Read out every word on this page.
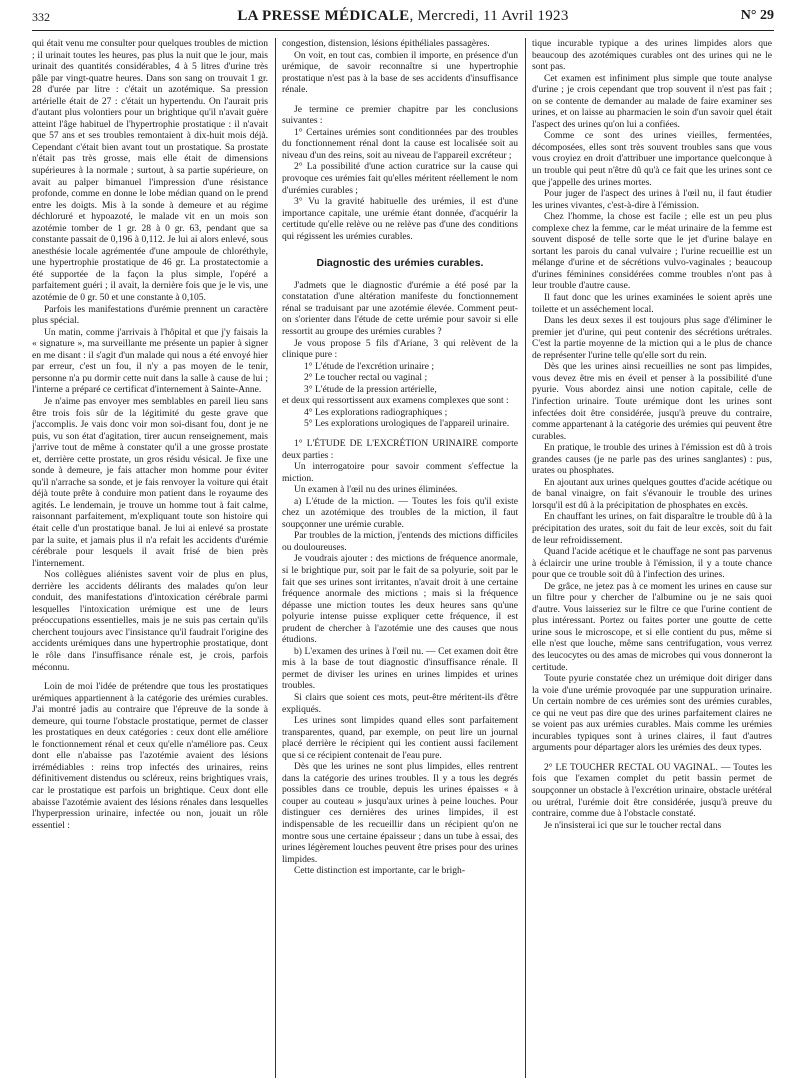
332	LA PRESSE MÉDICALE, Mercredi, 11 Avril 1923	N° 29

qui était venu me consulter pour quelques troubles de miction ; il urinait toutes les heures, pas plus la nuit que le jour, mais urinait des quantités considérables, 4 à 5 litres d'urine très pâle par vingt-quatre heures. Dans son sang on trouvait 1 gr. 28 d'urée par litre : c'était un azotémique. Sa pression artérielle était de 27 : c'était un hypertendu. On l'aurait pris d'autant plus volontiers pour un brightique qu'il n'avait guère atteint l'âge habituel de l'hypertrophie prostatique : il n'avait que 57 ans et ses troubles remontaient à dix-huit mois déjà. Cependant c'était bien avant tout un prostatique. Sa prostate n'était pas très grosse, mais elle était de dimensions supérieures à la normale ; surtout, à sa partie supérieure, on avait au palper bimanuel l'impression d'une résistance profonde, comme en donne le lobe médian quand on le prend entre les doigts. Mis à la sonde à demeure et au régime déchloruré et hypoazoté, le malade vit en un mois son azotémie tomber de 1 gr. 28 à 0 gr. 63, pendant que sa constante passait de 0,196 à 0,112. Je lui ai alors enlevé, sous anesthésie locale agrémentée d'une ampoule de chloréthyle, une hypertrophie prostatique de 46 gr. La prostatectomie a été supportée de la façon la plus simple, l'opéré a parfaitement guéri ; il avait, la dernière fois que je le vis, une azotémie de 0 gr. 50 et une constante à 0,105.

Parfois les manifestations d'urémie prennent un caractère plus spécial.

Un matin, comme j'arrivais à l'hôpital et que j'y faisais la « signature », ma surveillante me présente un papier à signer en me disant : il s'agit d'un malade qui nous a été envoyé hier par erreur, c'est un fou, il n'y a pas moyen de le tenir, personne n'a pu dormir cette nuit dans la salle à cause de lui ; l'interne a préparé ce certificat d'internement à Sainte-Anne.

Je n'aime pas envoyer mes semblables en pareil lieu sans être trois fois sûr de la légitimité du geste grave que j'accomplis. Je vais donc voir mon soi-disant fou, dont je ne puis, vu son état d'agitation, tirer aucun renseignement, mais j'arrive tout de même à constater qu'il a une grosse prostate et, derrière cette prostate, un gros résidu vésical. Je fixe une sonde à demeure, je fais attacher mon homme pour éviter qu'il n'arrache sa sonde, et je fais renvoyer la voiture qui était déjà toute prête à conduire mon patient dans le royaume des agités. Le lendemain, je trouve un homme tout à fait calme, raisonnant parfaitement, m'expliquant toute son histoire qui était celle d'un prostatique banal. Je lui ai enlevé sa prostate par la suite, et jamais plus il n'a refait les accidents d'urémie cérébrale pour lesquels il avait frisé de bien près l'internement.

Nos collègues aliénistes savent voir de plus en plus, derrière les accidents délirants des malades qu'on leur conduit, des manifestations d'intoxication cérébrale parmi lesquelles l'intoxication urémique est une de leurs préoccupations essentielles, mais je ne suis pas certain qu'ils cherchent toujours avec l'insistance qu'il faudrait l'origine des accidents urémiques dans une hypertrophie prostatique, dont le rôle dans l'insuffisance rénale est, je crois, parfois méconnu.

Loin de moi l'idée de prétendre que tous les prostatiques urémiques appartiennent à la catégorie des urémies curables. J'ai montré jadis au contraire que l'épreuve de la sonde à demeure, qui tourne l'obstacle prostatique, permet de classer les prostatiques en deux catégories : ceux dont elle améliore le fonctionnement rénal et ceux qu'elle n'améliore pas. Ceux dont elle n'abaisse pas l'azotémie avaient des lésions irrémédiables : reins trop infectés des urinaires, reins définitivement distendus ou scléreux, reins brightiques vrais, car le prostatique est parfois un brightique. Ceux dont elle abaisse l'azotémie avaient des lésions rénales dans lesquelles l'hyperpression urinaire, infectée ou non, jouait un rôle essentiel :

congestion, distension, lésions épithéliales passagères.

On voit, en tout cas, combien il importe, en présence d'un urémique, de savoir reconnaître si une hypertrophie prostatique n'est pas à la base de ses accidents d'insuffisance rénale.

Je termine ce premier chapitre par les conclusions suivantes :

1° Certaines urémies sont conditionnées par des troubles du fonctionnement rénal dont la cause est localisée soit au niveau d'un des reins, soit au niveau de l'appareil excréteur ;

2° La possibilité d'une action curatrice sur la cause qui provoque ces urémies fait qu'elles méritent réellement le nom d'urémies curables ;

3° Vu la gravité habituelle des urémies, il est d'une importance capitale, une urémie étant donnée, d'acquérir la certitude qu'elle relève ou ne relève pas d'une des conditions qui régissent les urémies curables.

Diagnostic des urémies curables.

J'admets que le diagnostic d'urémie a été posé par la constatation d'une altération manifeste du fonctionnement rénal se traduisant par une azotémie élevée. Comment peut-on s'orienter dans l'étude de cette urémie pour savoir si elle ressortit au groupe des urémies curables ?

Je vous propose 5 fils d'Ariane, 3 qui relèvent de la clinique pure :

1° L'étude de l'excrétion urinaire ;

2° Le toucher rectal ou vaginal ;

3° L'étude de la pression artérielle,

et deux qui ressortissent aux examens complexes que sont :

4° Les explorations radiographiques ;

5° Les explorations urologiques de l'appareil urinaire.

1° L'ÉTUDE DE L'EXCRÉTION URINAIRE comporte deux parties :

Un interrogatoire pour savoir comment s'effectue la miction.

Un examen à l'œil nu des urines éliminées.

a) L'étude de la miction. — Toutes les fois qu'il existe chez un azotémique des troubles de la miction, il faut soupçonner une urémie curable.

Par troubles de la miction, j'entends des mictions difficiles ou douloureuses.

Je voudrais ajouter : des mictions de fréquence anormale, si le brightique pur, soit par le fait de sa polyurie, soit par le fait que ses urines sont irritantes, n'avait droit à une certaine fréquence anormale des mictions ; mais si la fréquence dépasse une miction toutes les deux heures sans qu'une polyurie intense puisse expliquer cette fréquence, il est prudent de chercher à l'azotémie une des causes que nous étudions.

b) L'examen des urines à l'œil nu. — Cet examen doit être mis à la base de tout diagnostic d'insuffisance rénale. Il permet de diviser les urines en urines limpides et urines troubles.

Si clairs que soient ces mots, peut-être méritent-ils d'être expliqués.

Les urines sont limpides quand elles sont parfaitement transparentes, quand, par exemple, on peut lire un journal placé derrière le récipient qui les contient aussi facilement que si ce récipient contenait de l'eau pure.

Dès que les urines ne sont plus limpides, elles rentrent dans la catégorie des urines troubles. Il y a tous les degrés possibles dans ce trouble, depuis les urines épaisses « à couper au couteau » jusqu'aux urines à peine louches. Pour distinguer ces dernières des urines limpides, il est indispensable de les recueillir dans un récipient qu'on ne montre sous une certaine épaisseur ; dans un tube à essai, des urines légèrement louches peuvent être prises pour des urines limpides.

Cette distinction est importante, car le brigh-

tique incurable typique a des urines limpides alors que beaucoup des azotémiques curables ont des urines qui ne le sont pas.

Cet examen est infiniment plus simple que toute analyse d'urine ; je crois cependant que trop souvent il n'est pas fait ; on se contente de demander au malade de faire examiner ses urines, et on laisse au pharmacien le soin d'un savoir quel était l'aspect des urines qu'on lui a confiées.

Comme ce sont des urines vieilles, fermentées, décomposées, elles sont très souvent troubles sans que vous vous croyiez en droit d'attribuer une importance quelconque à un trouble qui peut n'être dû qu'à ce fait que les urines sont ce que j'appelle des urines mortes.

Pour juger de l'aspect des urines à l'œil nu, il faut étudier les urines vivantes, c'est-à-dire à l'émission.

Chez l'homme, la chose est facile ; elle est un peu plus complexe chez la femme, car le méat urinaire de la femme est souvent disposé de telle sorte que le jet d'urine balaye en sortant les parois du canal vulvaire ; l'urine recueillie est un mélange d'urine et de sécrétions vulvo-vaginales ; beaucoup d'urines féminines considérées comme troubles n'ont pas à leur trouble d'autre cause.

Il faut donc que les urines examinées le soient après une toilette et un asséchement local.

Dans les deux sexes il est toujours plus sage d'éliminer le premier jet d'urine, qui peut contenir des sécrétions urétrales. C'est la partie moyenne de la miction qui a le plus de chance de représenter l'urine telle qu'elle sort du rein.

Dès que les urines ainsi recueillies ne sont pas limpides, vous devez être mis en éveil et penser à la possibilité d'une pyurie. Vous abordez ainsi une notion capitale, celle de l'infection urinaire. Toute urémique dont les urines sont infectées doit être considérée, jusqu'à preuve du contraire, comme appartenant à la catégorie des urémies qui peuvent être curables.

En pratique, le trouble des urines à l'émission est dû à trois grandes causes (je ne parle pas des urines sanglantes) : pus, urates ou phosphates.

En ajoutant aux urines quelques gouttes d'acide acétique ou de banal vinaigre, on fait s'évanouir le trouble des urines lorsqu'il est dû à la précipitation de phosphates en excès.

En chauffant les urines, on fait disparaître le trouble dû à la précipitation des urates, soit du fait de leur excès, soit du fait de leur refroidissement.

Quand l'acide acétique et le chauffage ne sont pas parvenus à éclaircir une urine trouble à l'émission, il y a toute chance pour que ce trouble soit dû à l'infection des urines.

De grâce, ne jetez pas à ce moment les urines en cause sur un filtre pour y chercher de l'albumine ou je ne sais quoi d'autre. Vous laisseriez sur le filtre ce que l'urine contient de plus intéressant. Portez ou faites porter une goutte de cette urine sous le microscope, et si elle contient du pus, même si elle n'est que louche, même sans centrifugation, vous verrez des leucocytes ou des amas de microbes qui vous donneront la certitude.

Toute pyurie constatée chez un urémique doit diriger dans la voie d'une urémie provoquée par une suppuration urinaire. Un certain nombre de ces urémies sont des urémies curables, ce qui ne veut pas dire que des urines parfaitement claires ne se voient pas aux urémies curables. Mais comme les urémies incurables typiques sont à urines claires, il faut d'autres arguments pour départager alors les urémies des deux types.

2° LE TOUCHER RECTAL OU VAGINAL. — Toutes les fois que l'examen complet du petit bassin permet de soupçonner un obstacle à l'excrétion urinaire, obstacle urétéral ou urétral, l'urémie doit être considérée, jusqu'à preuve du contraire, comme due à l'obstacle constaté.

Je n'insisterai ici que sur le toucher rectal dans
